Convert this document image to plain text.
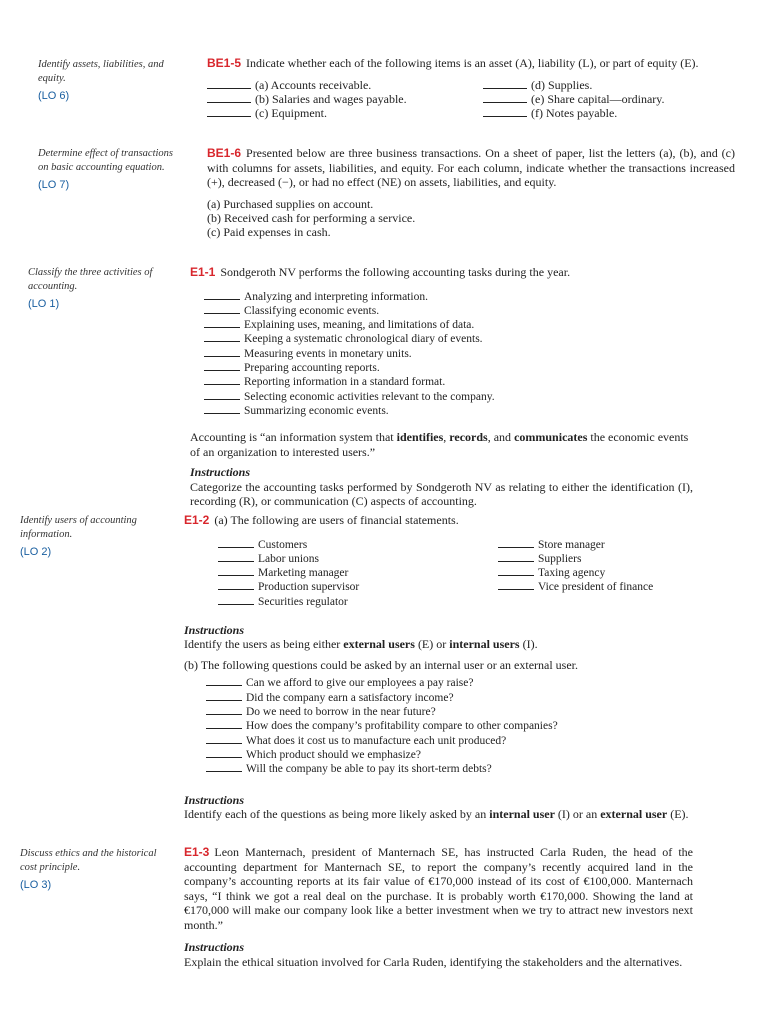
Identify assets, liabilities, and equity.
(LO 6)
Determine effect of transactions on basic accounting equation.
(LO 7)
Classify the three activities of accounting.
(LO 1)
Identify users of accounting information.
(LO 2)
Discuss ethics and the historical cost principle.
(LO 3)
BE1-5 Indicate whether each of the following items is an asset (A), liability (L), or part of equity (E).
(a) Accounts receivable.
(b) Salaries and wages payable.
(c) Equipment.
(d) Supplies.
(e) Share capital—ordinary.
(f) Notes payable.
BE1-6 Presented below are three business transactions. On a sheet of paper, list the letters (a), (b), and (c) with columns for assets, liabilities, and equity. For each column, indicate whether the transactions increased (+), decreased (−), or had no effect (NE) on assets, liabilities, and equity.
(a) Purchased supplies on account.
(b) Received cash for performing a service.
(c) Paid expenses in cash.
E1-1 Sondgeroth NV performs the following accounting tasks during the year.
Analyzing and interpreting information.
Classifying economic events.
Explaining uses, meaning, and limitations of data.
Keeping a systematic chronological diary of events.
Measuring events in monetary units.
Preparing accounting reports.
Reporting information in a standard format.
Selecting economic activities relevant to the company.
Summarizing economic events.
Accounting is “an information system that identifies, records, and communicates the economic events of an organization to interested users.”
Instructions
Categorize the accounting tasks performed by Sondgeroth NV as relating to either the identification (I), recording (R), or communication (C) aspects of accounting.
E1-2 (a) The following are users of financial statements.
Customers
Labor unions
Marketing manager
Production supervisor
Securities regulator
Store manager
Suppliers
Taxing agency
Vice president of finance
Instructions
Identify the users as being either external users (E) or internal users (I).
(b) The following questions could be asked by an internal user or an external user.
Can we afford to give our employees a pay raise?
Did the company earn a satisfactory income?
Do we need to borrow in the near future?
How does the company’s profitability compare to other companies?
What does it cost us to manufacture each unit produced?
Which product should we emphasize?
Will the company be able to pay its short-term debts?
Instructions
Identify each of the questions as being more likely asked by an internal user (I) or an external user (E).
E1-3 Leon Manternach, president of Manternach SE, has instructed Carla Ruden, the head of the accounting department for Manternach SE, to report the company’s recently acquired land in the company’s accounting reports at its fair value of €170,000 instead of its cost of €100,000. Manternach says, “I think we got a real deal on the purchase. It is probably worth €170,000. Showing the land at €170,000 will make our company look like a better investment when we try to attract new investors next month.”
Instructions
Explain the ethical situation involved for Carla Ruden, identifying the stakeholders and the alternatives.
